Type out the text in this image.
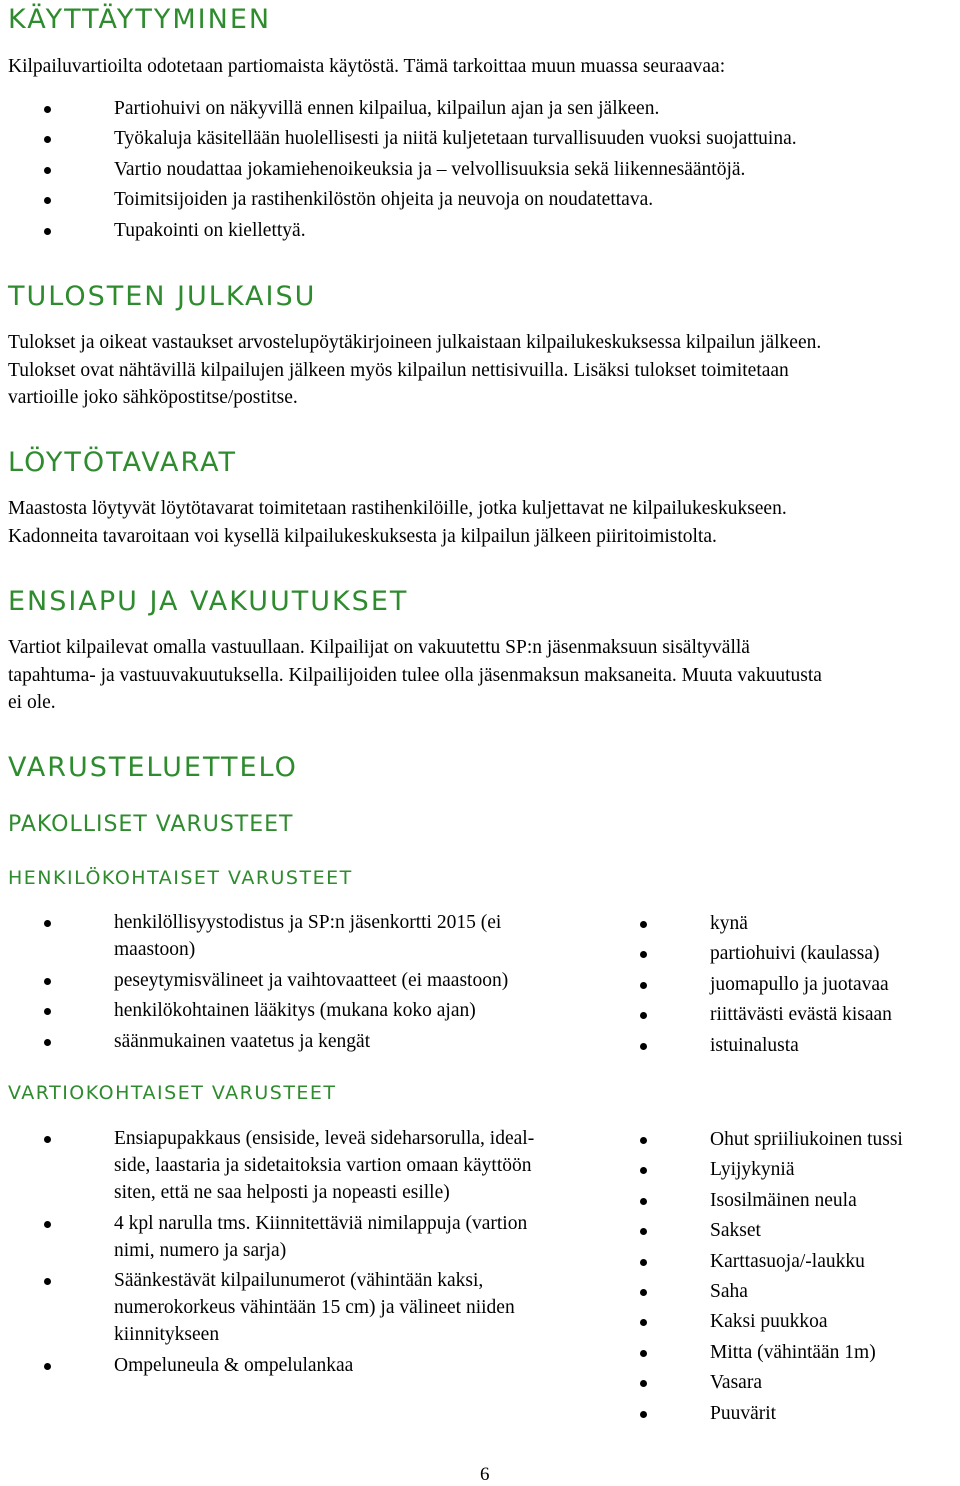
KÄYTTÄYTYMINEN

Kilpailuvartioilta odotetaan partiomaista käytöstä. Tämä tarkoittaa muun muassa seuraavaa:

Partiohuivi on näkyvillä ennen kilpailua, kilpailun ajan ja sen jälkeen.
Työkaluja käsitellään huolellisesti ja niitä kuljetetaan turvallisuuden vuoksi suojattuina.
Vartio noudattaa jokamiehenoikeuksia ja – velvollisuuksia sekä liikennesääntöjä.
Toimitsijoiden ja rastihenkilöstön ohjeita ja neuvoja on noudatettava.
Tupakointi on kiellettyä.
TULOSTEN JULKAISU

Tulokset ja oikeat vastaukset arvostelupöytäkirjoineen julkaistaan kilpailukeskuksessa kilpailun jälkeen.

Tulokset ovat nähtävillä kilpailujen jälkeen myös kilpailun nettisivuilla. Lisäksi tulokset toimitetaan

vartioille joko sähköpostitse/postitse.

LÖYTÖTAVARAT

Maastosta löytyvät löytötavarat toimitetaan rastihenkilöille, jotka kuljettavat ne kilpailukeskukseen.

Kadonneita tavaroitaan voi kysellä kilpailukeskuksesta ja kilpailun jälkeen piiritoimistolta.

ENSIAPU JA VAKUUTUKSET

Vartiot kilpailevat omalla vastuullaan. Kilpailijat on vakuutettu SP:n jäsenmaksuun sisältyvällä

tapahtuma- ja vastuuvakuutuksella. Kilpailijoiden tulee olla jäsenmaksun maksaneita. Muuta vakuutusta

ei ole.

VARUSTELUETTELO
PAKOLLISET VARUSTEET
HENKILÖKOHTAISET VARUSTEET
henkilöllisyystodistus ja SP:n jäsenkortti 2015 (ei maastoon)
peseytymisvälineet ja vaihtovaatteet (ei maastoon)
henkilökohtainen lääkitys (mukana koko ajan)
säänmukainen vaatetus ja kengät
kynä
partiohuivi (kaulassa)
juomapullo ja juotavaa
riittävästi evästä kisaan
istuinalusta
VARTIOKOHTAISET VARUSTEET
Ensiapupakkaus (ensiside, leveä sideharsorulla, ideal-side, laastaria ja sidetaitoksia vartion omaan käyttöön siten, että ne saa helposti ja nopeasti esille)
4 kpl narulla tms. Kiinnitettäviä nimilappuja (vartion nimi, numero ja sarja)
Säänkestävät kilpailunumerot (vähintään kaksi, numerokorkeus vähintään 15 cm) ja välineet niiden kiinnitykseen
Ompeluneula & ompelulankaa
Ohut spriiliukoinen tussi
Lyijykyniä
Isosilmäinen neula
Sakset
Karttasuoja/-laukku
Saha
Kaksi puukkoa
Mitta (vähintään 1m)
Vasara
Puuvärit
6
